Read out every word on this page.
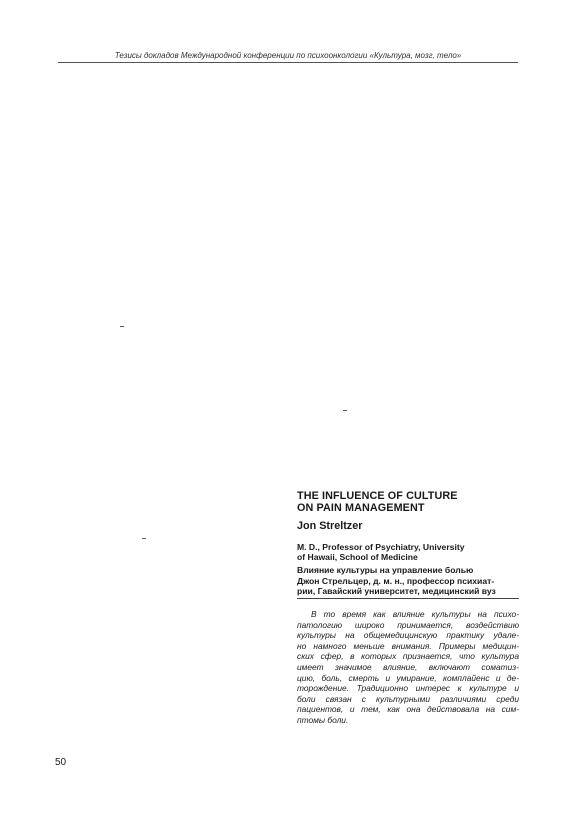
Тезисы докладов Международной конференции по психоонкологии «Культура, мозг, тело»
THE INFLUENCE OF CULTURE
ON PAIN MANAGEMENT
Jon Streltzer
M. D., Professor of Psychiatry, University
of Hawaii, School of Medicine
Влияние культуры на управление болью
Джон Стрельцер, д. м. н., профессор психиат-
рии, Гавайский университет, медицинский вуз
В то время как влияние культуры на психо-
патологию широко принимается, воздействию
культуры на общемедицинскую практику удале-
но намного меньше внимания. Примеры медицин-
ских сфер, в которых признается, что культура
имеет значимое влияние, включают соматиз-
цию, боль, смерть и умирание, комплайенс и де-
торождение. Традиционно интерес к культуре и
боли связан с культурными различиями среди
пациентов, и тем, как она действовала на сим-
птомы боли.
50
